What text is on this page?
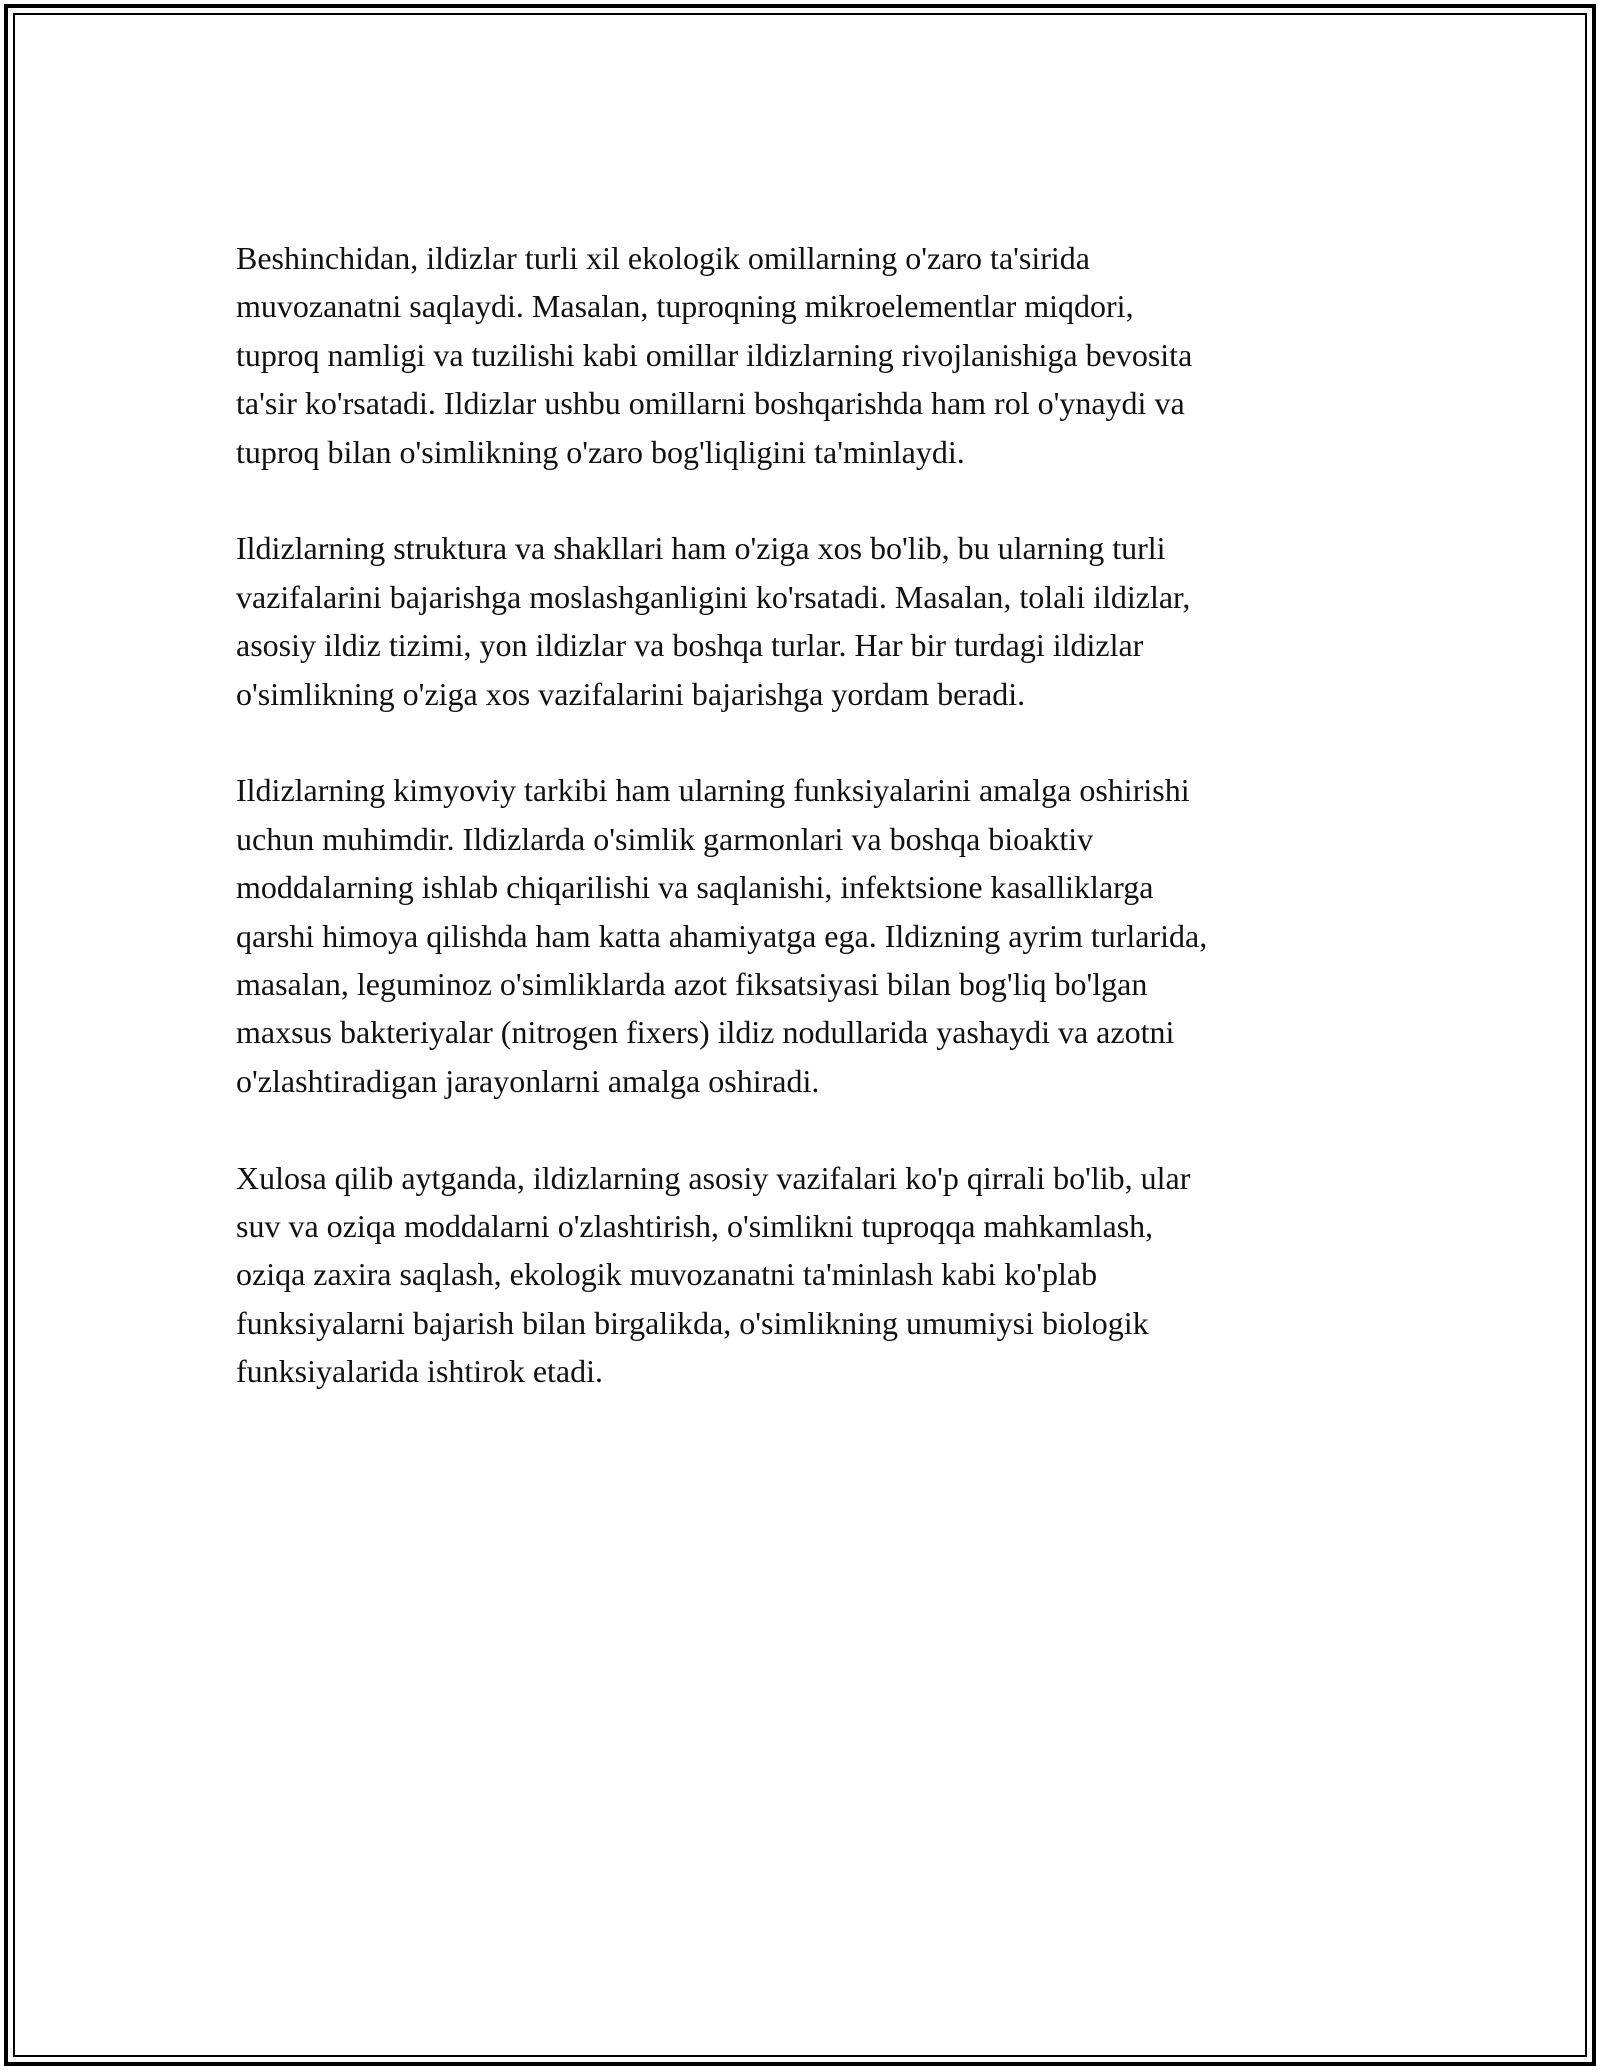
Beshinchidan, ildizlar turli xil ekologik omillarning o'zaro ta'sirida
muvozanatni saqlaydi. Masalan, tuproqning mikroelementlar miqdori,
tuproq namligi va tuzilishi kabi omillar ildizlarning rivojlanishiga bevosita
ta'sir ko'rsatadi. Ildizlar ushbu omillarni boshqarishda ham rol o'ynaydi va
tuproq bilan o'simlikning o'zaro bog'liqligini ta'minlaydi.

Ildizlarning struktura va shakllari ham o'ziga xos bo'lib, bu ularning turli
vazifalarini bajarishga moslashganligini ko'rsatadi. Masalan, tolali ildizlar,
asosiy ildiz tizimi, yon ildizlar va boshqa turlar. Har bir turdagi ildizlar
o'simlikning o'ziga xos vazifalarini bajarishga yordam beradi.

Ildizlarning kimyoviy tarkibi ham ularning funksiyalarini amalga oshirishi
uchun muhimdir. Ildizlarda o'simlik garmonlari va boshqa bioaktiv
moddalarning ishlab chiqarilishi va saqlanishi, infektsione kasalliklarga
qarshi himoya qilishda ham katta ahamiyatga ega. Ildizning ayrim turlarida,
masalan, leguminoz o'simliklarda azot fiksatsiyasi bilan bog'liq bo'lgan
maxsus bakteriyalar (nitrogen fixers) ildiz nodullarida yashaydi va azotni
o'zlashtiradigan jarayonlarni amalga oshiradi.

Xulosa qilib aytganda, ildizlarning asosiy vazifalari ko'p qirrali bo'lib, ular
suv va oziqa moddalarni o'zlashtirish, o'simlikni tuproqqa mahkamlash,
oziqa zaxira saqlash, ekologik muvozanatni ta'minlash kabi ko'plab
funksiyalarni bajarish bilan birgalikda, o'simlikning umumiysi biologik
funksiyalarida ishtirok etadi.
